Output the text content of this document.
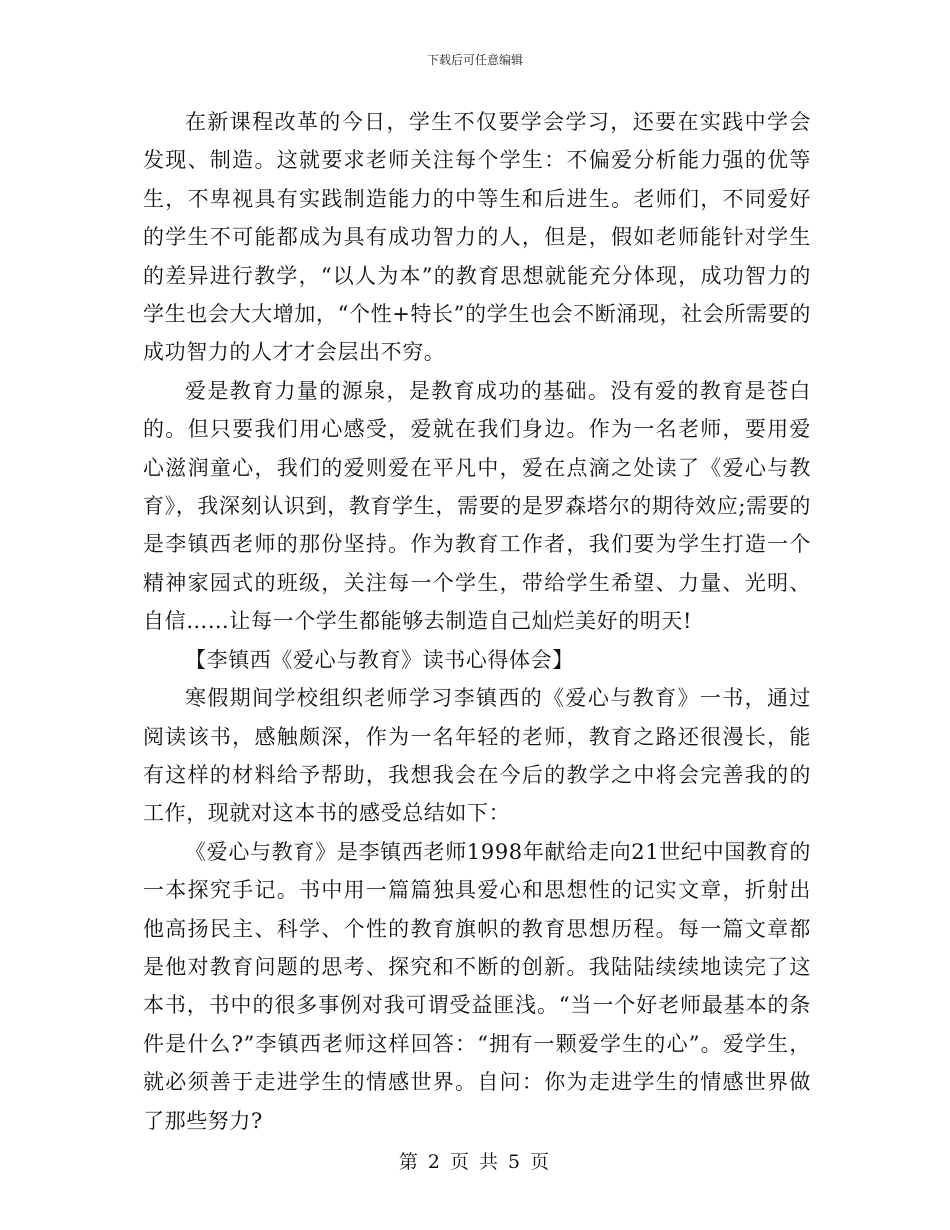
下载后可任意编辑

在新课程改革的今日，学生不仅要学会学习，还要在实践中学会发现、制造。这就要求老师关注每个学生：不偏爱分析能力强的优等生，不卑视具有实践制造能力的中等生和后进生。老师们，不同爱好的学生不可能都成为具有成功智力的人，但是，假如老师能针对学生的差异进行教学，“以人为本”的教育思想就能充分体现，成功智力的学生也会大大增加，“个性+特长”的学生也会不断涌现，社会所需要的成功智力的人才才会层出不穷。

爱是教育力量的源泉，是教育成功的基础。没有爱的教育是苍白的。但只要我们用心感受，爱就在我们身边。作为一名老师，要用爱心滋润童心，我们的爱则爱在平凡中，爱在点滴之处读了《爱心与教育》，我深刻认识到，教育学生，需要的是罗森塔尔的期待效应;需要的是李镇西老师的那份坚持。作为教育工作者，我们要为学生打造一个精神家园式的班级，关注每一个学生，带给学生希望、力量、光明、自信……让每一个学生都能够去制造自己灿烂美好的明天!

【李镇西《爱心与教育》读书心得体会】

寒假期间学校组织老师学习李镇西的《爱心与教育》一书，通过阅读该书，感触颇深，作为一名年轻的老师，教育之路还很漫长，能有这样的材料给予帮助，我想我会在今后的教学之中将会完善我的的工作，现就对这本书的感受总结如下：

《爱心与教育》是李镇西老师1998年献给走向21世纪中国教育的一本探究手记。书中用一篇篇独具爱心和思想性的记实文章，折射出他高扬民主、科学、个性的教育旗帜的教育思想历程。每一篇文章都是他对教育问题的思考、探究和不断的创新。我陆陆续续地读完了这本书，书中的很多事例对我可谓受益匪浅。“当一个好老师最基本的条件是什么?”李镇西老师这样回答：“拥有一颗爱学生的心”。爱学生，就必须善于走进学生的情感世界。自问：你为走进学生的情感世界做了那些努力?

第 2 页 共 5 页
